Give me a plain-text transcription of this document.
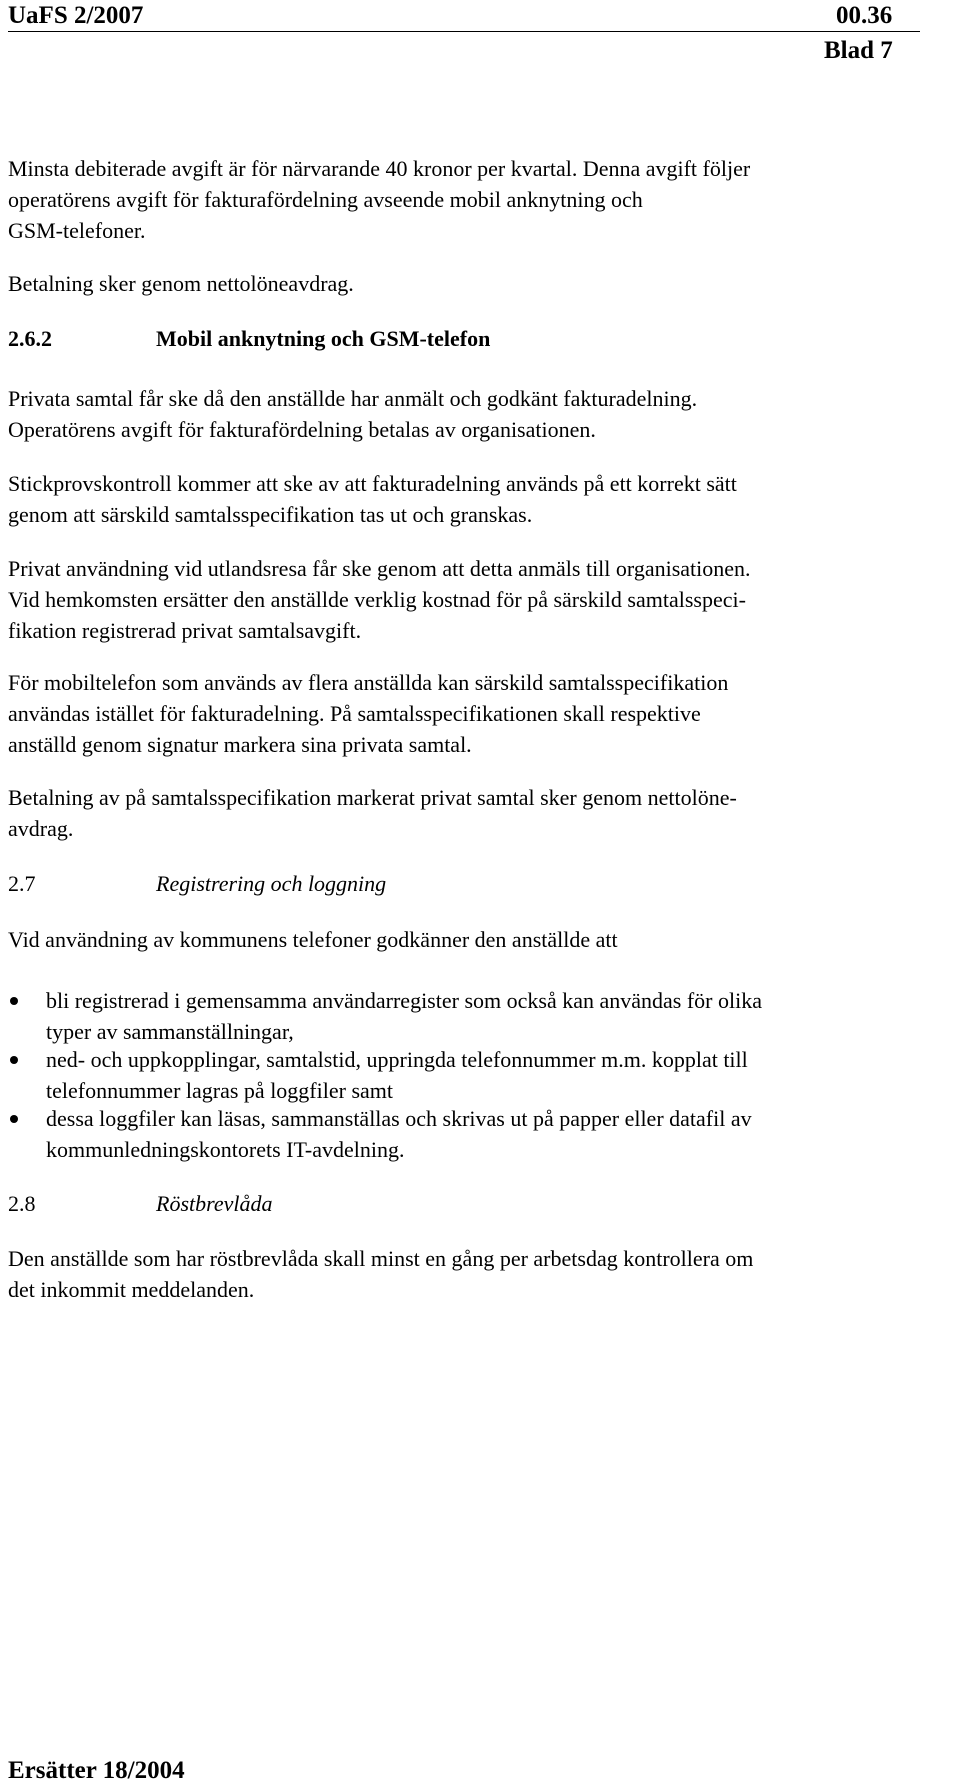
UaFS 2/2007	00.36
Blad 7
Minsta debiterade avgift är för närvarande 40 kronor per kvartal. Denna avgift följer
operatörens avgift för fakturafördelning avseende mobil anknytning och
GSM-telefoner.
Betalning sker genom nettolöneavdrag.
2.6.2	Mobil anknytning och GSM-telefon
Privata samtal får ske då den anställde har anmält och godkänt fakturadelning.
Operatörens avgift för fakturafördelning betalas av organisationen.
Stickprovskontroll kommer att ske av att fakturadelning används på ett korrekt sätt
genom att särskild samtalsspecifikation tas ut och granskas.
Privat användning vid utlandsresa får ske genom att detta anmäls till organisationen.
Vid hemkomsten ersätter den anställde verklig kostnad för på särskild samtalsspeci-
fikation registrerad privat samtalsavgift.
För mobiltelefon som används av flera anställda kan särskild samtalsspecifikation
användas istället för fakturadelning. På samtalsspecifikationen skall respektive
anställd genom signatur markera sina privata samtal.
Betalning av på samtalsspecifikation markerat privat samtal sker genom nettolöne-
avdrag.
2.7	Registrering och loggning
Vid användning av kommunens telefoner godkänner den anställde att
bli registrerad i gemensamma användarregister som också kan användas för olika
typer av sammanställningar,
ned- och uppkopplingar, samtalstid, uppringda telefonnummer m.m. kopplat till
telefonnummer lagras på loggfiler samt
dessa loggfiler kan läsas, sammanställas och skrivas ut på papper eller datafil av
kommunledningskontorets IT-avdelning.
2.8	Röstbrevlåda
Den anställde som har röstbrevlåda skall minst en gång per arbetsdag kontrollera om
det inkommit meddelanden.
Ersätter 18/2004
